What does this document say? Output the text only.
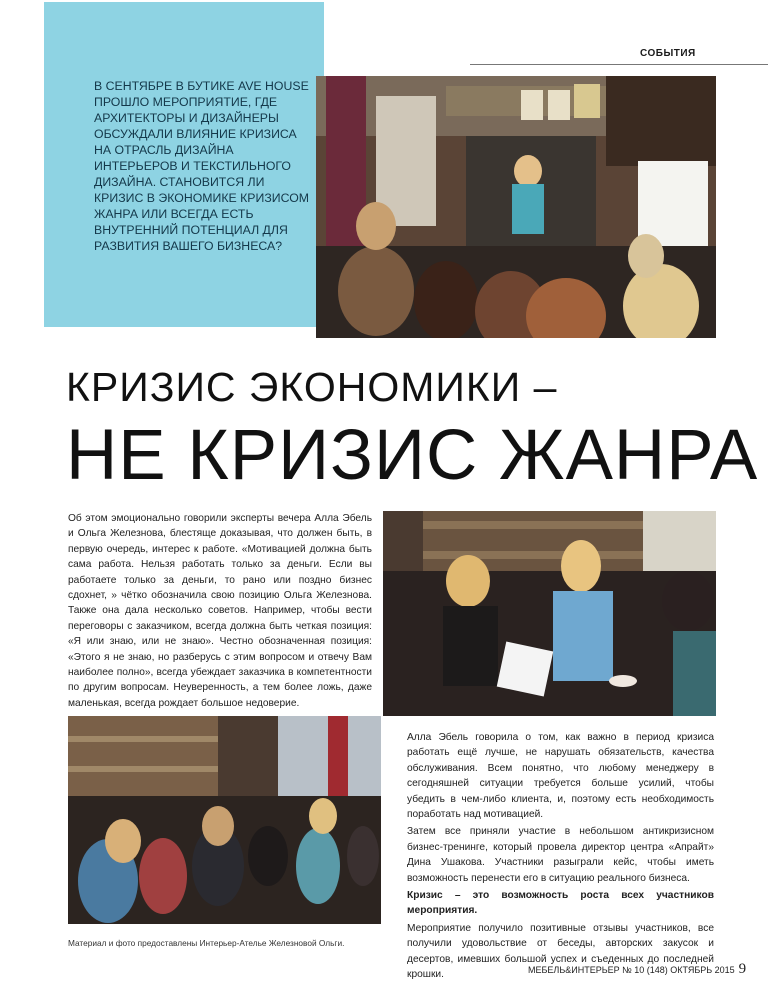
СОБЫТИЯ
В СЕНТЯБРЕ В БУТИКЕ AVE HOUSE ПРОШЛО МЕРОПРИЯТИЕ, ГДЕ АРХИТЕКТОРЫ И ДИЗАЙНЕРЫ ОБСУЖДАЛИ ВЛИЯНИЕ КРИЗИСА НА ОТРАСЛЬ ДИЗАЙНА ИНТЕРЬЕРОВ И ТЕКСТИЛЬНОГО ДИЗАЙНА. СТАНОВИТСЯ ЛИ КРИЗИС В ЭКОНОМИКЕ КРИЗИСОМ ЖАНРА ИЛИ ВСЕГДА ЕСТЬ ВНУТРЕННИЙ ПОТЕНЦИАЛ ДЛЯ РАЗВИТИЯ ВАШЕГО БИЗНЕСА?
КРИЗИС ЭКОНОМИКИ –
НЕ КРИЗИС ЖАНРА

Об этом эмоционально говорили эксперты вечера Алла Эбель и Ольга Железнова, блестяще доказывая, что должен быть, в первую очередь, интерес к работе. «Мотивацией должна быть сама работа. Нельзя работать только за деньги. Если вы работаете только за деньги, то рано или поздно бизнес сдохнет, » чётко обозначила свою позицию Ольга Железнова. Также она дала несколько советов. Например, чтобы вести переговоры с заказчиком, всегда должна быть четкая позиция: «Я или знаю, или не знаю». Честно обозначенная позиция: «Этого я не знаю, но разберусь с этим вопросом и отвечу Вам наиболее полно», всегда убеждает заказчика в компетентности по другим вопросам. Неуверенность, а тем более ложь, даже маленькая, всегда рождает большое недоверие.

Алла Эбель говорила о том, как важно в период кризиса работать ещё лучше, не нарушать обязательств, качества обслуживания. Всем понятно, что любому менеджеру в сегодняшней ситуации требуется больше усилий, чтобы убедить в чем-либо клиента, и, поэтому есть необходимость поработать над мотивацией.

Затем все приняли участие в небольшом антикризисном бизнес-тренинге, который провела директор центра «Апрайт» Дина Ушакова. Участники разыграли кейс, чтобы иметь возможность перенести его в ситуацию реального бизнеса.

Кризис – это возможность роста всех участников мероприятия.

Мероприятие получило позитивные отзывы участников, все получили удовольствие от беседы, авторских закусок и десертов, имевших большой успех и съеденных до последней крошки.

Материал и фото предоставлены Интерьер-Ателье Железновой Ольги.
МЕБЕЛЬ&ИНТЕРЬЕР № 10 (148) ОКТЯБРЬ 2015 9
